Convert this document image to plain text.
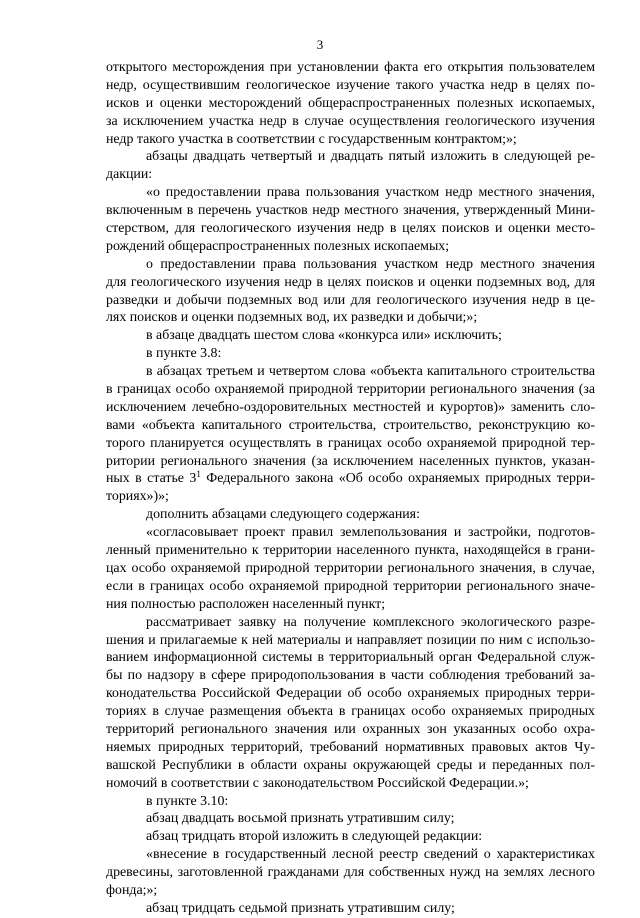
3
открытого месторождения при установлении факта его открытия пользователем
недр, осуществившим геологическое изучение такого участка недр в целях по-
исков и оценки месторождений общераспространенных полезных ископаемых,
за исключением участка недр в случае осуществления геологического изучения
недр такого участка в соответствии с государственным контрактом;»;
абзацы двадцать четвертый и двадцать пятый изложить в следующей ре-
дакции:
«о предоставлении права пользования участком недр местного значения,
включенным в перечень участков недр местного значения, утвержденный Мини-
стерством, для геологического изучения недр в целях поисков и оценки место-
рождений общераспространенных полезных ископаемых;
о предоставлении права пользования участком недр местного значения
для геологического изучения недр в целях поисков и оценки подземных вод, для
разведки и добычи подземных вод или для геологического изучения недр в це-
лях поисков и оценки подземных вод, их разведки и добычи;»;
в абзаце двадцать шестом слова «конкурса или» исключить;
в пункте 3.8:
в абзацах третьем и четвертом слова «объекта капитального строительства
в границах особо охраняемой природной территории регионального значения (за
исключением лечебно-оздоровительных местностей и курортов)» заменить сло-
вами «объекта капитального строительства, строительство, реконструкцию ко-
торого планируется осуществлять в границах особо охраняемой природной тер-
ритории регионального значения (за исключением населенных пунктов, указан-
ных в статье $3^1$ Федерального закона «Об особо охраняемых природных терри-
ториях»)»;
дополнить абзацами следующего содержания:
«согласовывает проект правил землепользования и застройки, подготов-
ленный применительно к территории населенного пункта, находящейся в грани-
цах особо охраняемой природной территории регионального значения, в случае,
если в границах особо охраняемой природной территории регионального значе-
ния полностью расположен населенный пункт;
рассматривает заявку на получение комплексного экологического разре-
шения и прилагаемые к ней материалы и направляет позиции по ним с использо-
ванием информационной системы в территориальный орган Федеральной служ-
бы по надзору в сфере природопользования в части соблюдения требований за-
конодательства Российской Федерации об особо охраняемых природных терри-
ториях в случае размещения объекта в границах особо охраняемых природных
территорий регионального значения или охранных зон указанных особо охра-
няемых природных территорий, требований нормативных правовых актов Чу-
вашской Республики в области охраны окружающей среды и переданных пол-
номочий в соответствии с законодательством Российской Федерации.»;
в пункте 3.10:
абзац двадцать восьмой признать утратившим силу;
абзац тридцать второй изложить в следующей редакции:
«внесение в государственный лесной реестр сведений о характеристиках
древесины, заготовленной гражданами для собственных нужд на землях лесного
фонда;»;
абзац тридцать седьмой признать утратившим силу;
